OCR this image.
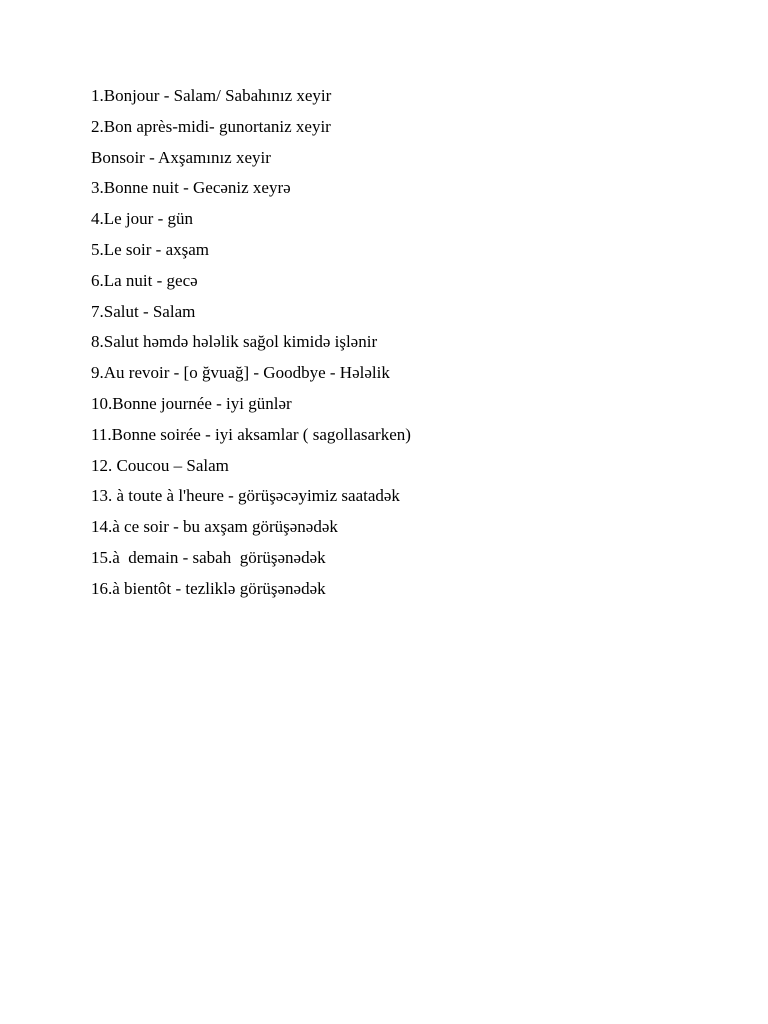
1.Bonjour - Salam/ Sabahınız xeyir
2.Bon après-midi- gunortaniz xeyir
Bonsoir - Axşamınız xeyir
3.Bonne nuit - Gecəniz xeyrə
4.Le jour - gün
5.Le soir - axşam
6.La nuit - gecə
7.Salut - Salam
8.Salut həmdə hələlik sağol kimidə işlənir
9.Au revoir - [o ğvuağ] - Goodbye - Hələlik
10.Bonne journée - iyi günlər
11.Bonne soirée - iyi aksamlar ( sagollasarken)
12. Coucou – Salam
13. à toute à l'heure - görüşəcəyimiz saatadək
14.à ce soir - bu axşam görüşənədək
15.à  demain - sabah  görüşənədək
16.à bientôt - tezliklə görüşənədək
